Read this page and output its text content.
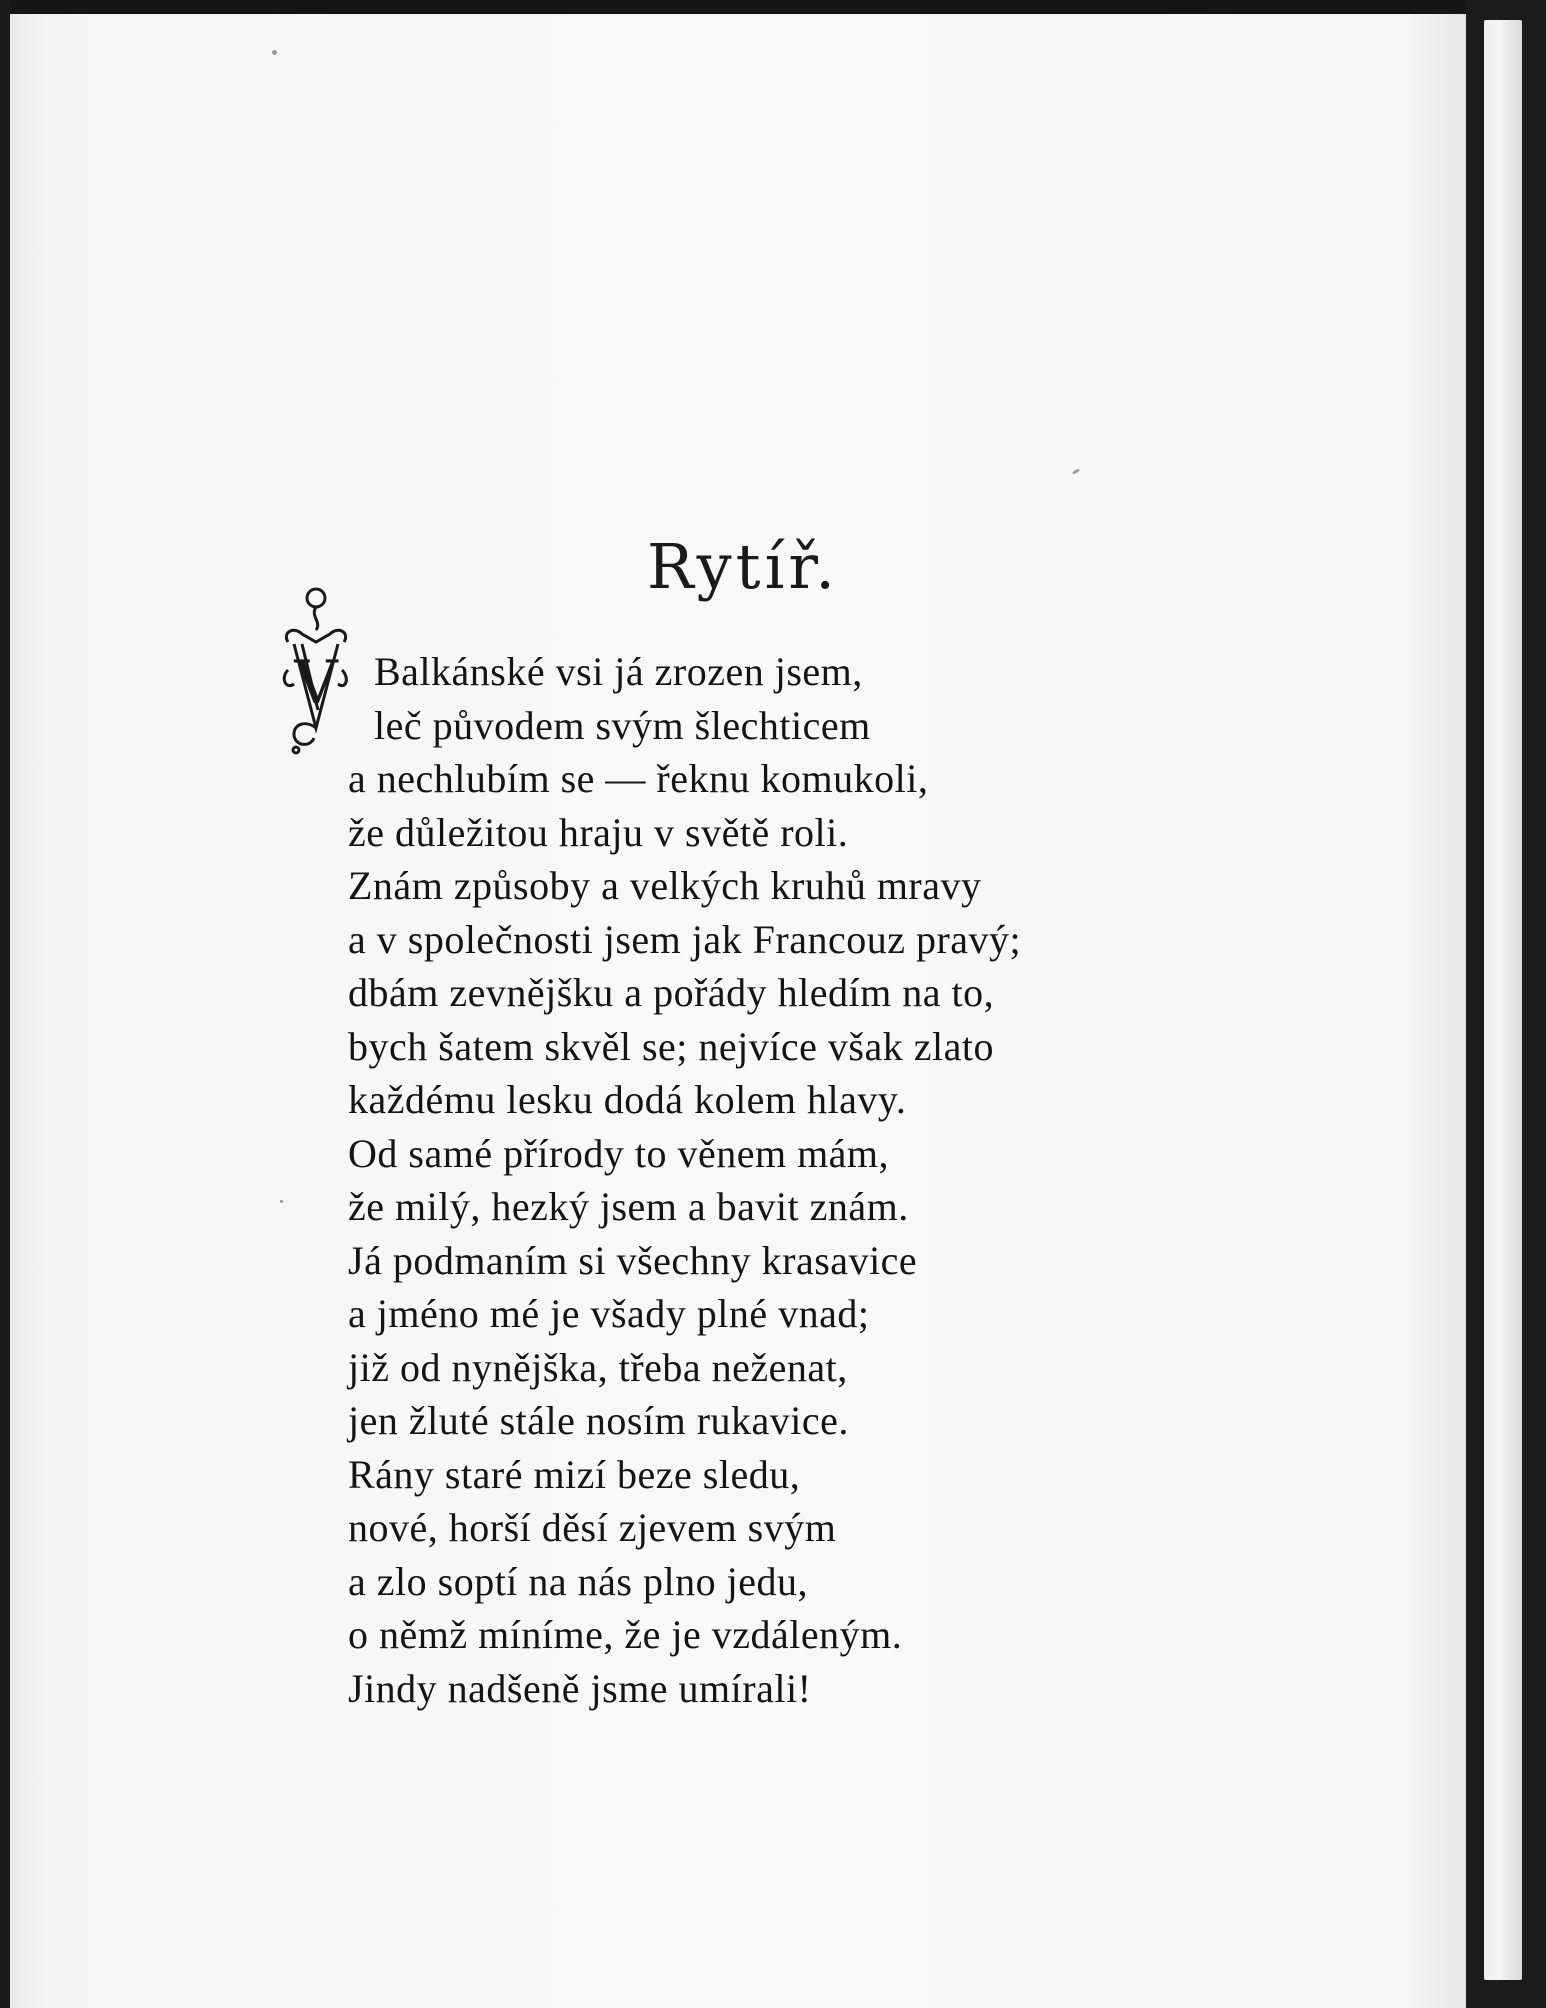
Rytíř.
V Balkánské vsi já zrozen jsem,
leč původem svým šlechticem
a nechlubím se — řeknu komukoli,
že důležitou hraju v světě roli.
Znám způsoby a velkých kruhů mravy
a v společnosti jsem jak Francouz pravý;
dbám zevnějšku a pořády hledím na to,
bych šatem skvěl se; nejvíce však zlato
každému lesku dodá kolem hlavy.
Od samé přírody to věnem mám,
že milý, hezký jsem a bavit znám.
Já podmaním si všechny krasavice
a jméno mé je všady plné vnad;
již od nynějška, třeba neženat,
jen žluté stále nosím rukavice.
Rány staré mizí beze sledu,
nové, horší děsí zjevem svým
a zlo soptí na nás plno jedu,
o němž míníme, že je vzdáleným.
Jindy nadšeně jsme umírali!
